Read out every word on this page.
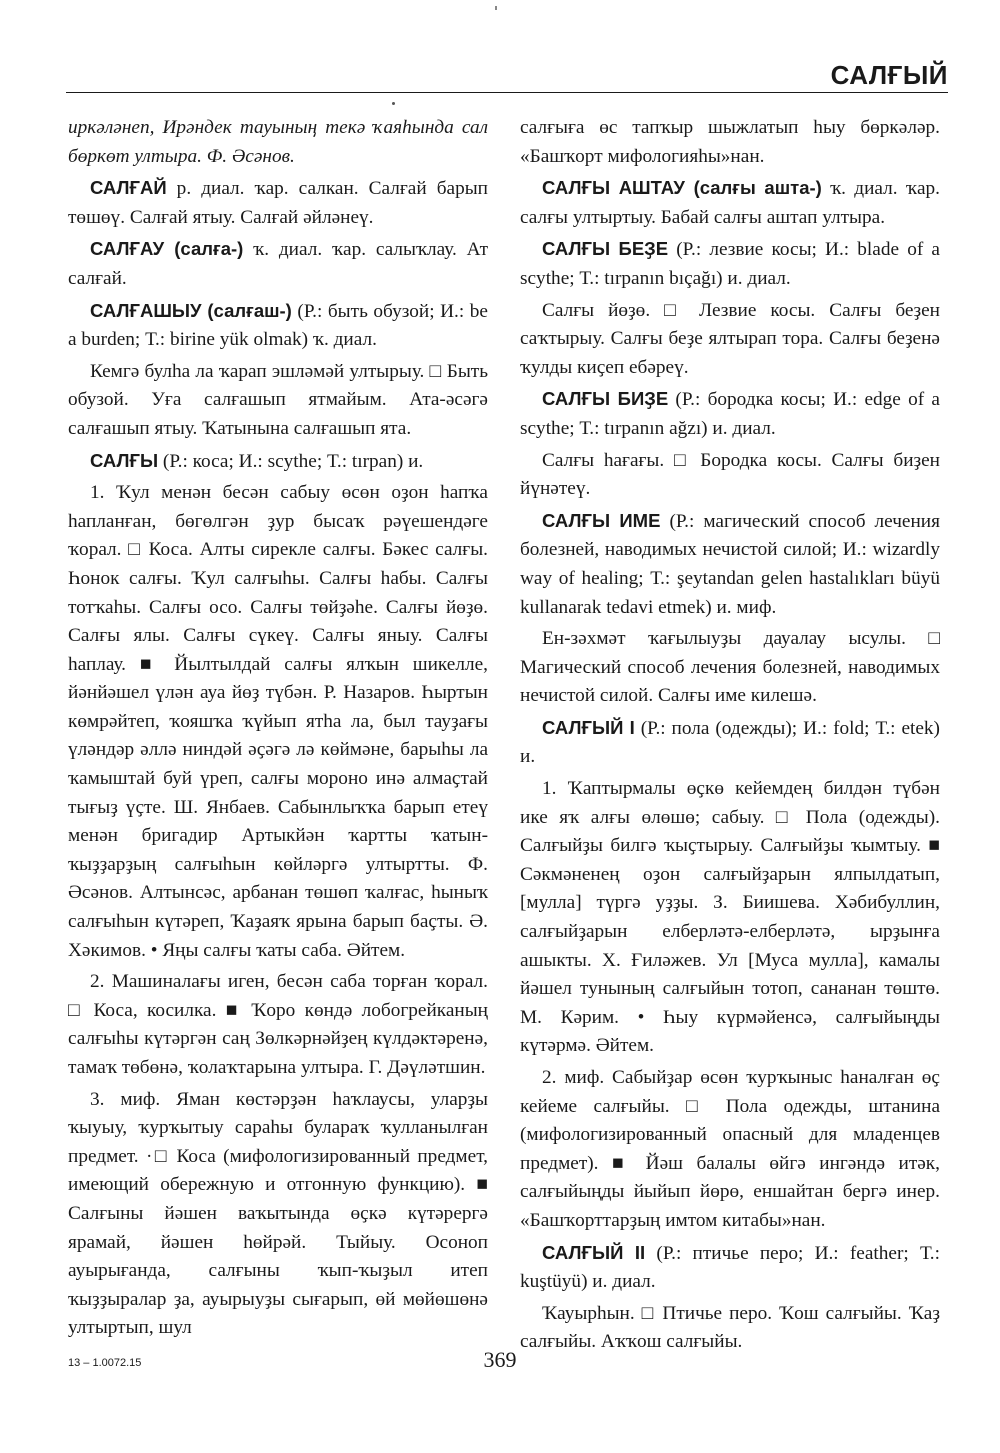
САЛҒЫЙ

иркәләнеп, Ирәндек тауының текә ҡаяһында сал бөркөт ултыра. Ф. Әсәнов.

САЛҒАЙ р. диал. ҡар. салкан. Салғай барып төшөү. Салғай ятыу. Салғай әйләнеү.

САЛҒАУ (салға-) ҡ. диал. ҡар. салыҡлау. Ат салғай.

САЛҒАШЫУ (салғаш-) (Р.: быть обузой; И.: be a burden; Т.: birine yük olmak) ҡ. диал.

Кемгә булһа ла ҡарап эшләмәй ултырыу. □ Быть обузой. Уға салғашып ятмайым. Ата-әсәгә салғашып ятыу. Ҡатынына салғашып ята.

САЛҒЫ (Р.: коса; И.: scythe; Т.: tırpan) и.

1. Ҡул менән бесән сабыу өсөн оҙон һапҡа һапланған, бөгөлгән ҙур бысаҡ рәүешендәге ҡорал. □ Коса. Алты сирекле салғы. Бәкес салғы. Һонок салғы. Ҡул салғыһы. Салғы һабы. Салғы тотҡаһы. Салғы осо. Салғы төйҙәһе. Салғы йөҙө. Салғы ялы. Салғы сүкеү. Салғы яныу. Салғы һаплау. ■ Йылтылдай салғы ялҡын шикелле, йәнйәшел үлән ауа йөҙ түбән. Р. Назаров. Һыртын көмрәйтеп, ҡояшҡа ҡүйып ятһа ла, был тауҙағы үләндәр әллә ниндәй әҫәгә лә көймәне, барыһы ла ҡамыштай буй үреп, салғы мороно инә алмаҫтай тығыҙ үҫте. Ш. Янбаев. Сабынлыҡҡа барып етеү менән бригадир Артыкйән ҡартты ҡатын-ҡыҙҙарҙың салғыһын көйләргә ултыртты. Ф. Әсәнов. Алтынсәс, арбанан төшөп ҡалғас, һыныҡ салғыһын күтәреп, Ҡаҙаяҡ ярына барып баҫты. Ә. Хәкимов. • Яңы салғы ҡаты саба. Әйтем.

2. Машиналағы иген, бесән саба торған ҡорал. □ Коса, косилка. ■ Ҡоро көндә лобогрейканың салғыһы күтәргән саң Зөлкәрнәйҙең күлдәктәренә, тамаҡ төбөнә, ҡолаҡтарына ултыра. Г. Дәүләтшин.

3. миф. Яман көстәрҙән һаҡлаусы, уларҙы ҡыуыу, ҡурҡытыу сараһы булараҡ ҡулланылған предмет. ·□ Коса (мифологизированный предмет, имеющий обережную и отгонную функцию). ■ Салғыны йәшен ваҡытында өҫкә күтәрергә ярамай, йәшен һөйрәй. Тыйыу. Осоноп ауырығанда, салғыны ҡып-ҡыҙыл итеп ҡыҙҙыралар ҙа, ауырыуҙы сығарып, өй мөйөшөнә ултыртып, шул

салғыға өс тапҡыр шыжлатып һыу бөркәләр. «Башҡорт мифологияһы»нан.

САЛҒЫ АШТАУ (салғы ашта-) ҡ. диал. ҡар. салғы ултыртыу. Бабай салғы аштап ултыра.

САЛҒЫ БЕҘЕ (Р.: лезвие косы; И.: blade of a scythe; Т.: tırpanın bıçağı) и. диал.

Салғы йөҙө. □ Лезвие косы. Салғы беҙен саҡтырыу. Салғы беҙе ялтырап тора. Салғы беҙенә ҡулды киҫеп ебәреү.

САЛҒЫ БИҘЕ (Р.: бородка косы; И.: edge of a scythe; Т.: tırpanın ağzı) и. диал.

Салғы һағағы. □ Бородка косы. Салғы биҙен йүнәтеү.

САЛҒЫ ИМЕ (Р.: магический способ лечения болезней, наводимых нечистой силой; И.: wizardly way of healing; Т.: şeytandan gelen hastalıkları büyü kullanarak tedavi etmek) и. миф.

Ен-зәхмәт ҡағылыуҙы дауалау ысулы. □ Магический способ лечения болезней, наводимых нечистой силой. Салғы име килешә.

САЛҒЫЙ I (Р.: пола (одежды); И.: fold; Т.: etek) и.

1. Ҡаптырмалы өҫкө кейемдең билдән түбән ике яҡ алғы өлөшө; сабыу. □ Пола (одежды). Салғыйҙы билгә ҡыҫтырыу. Салғыйҙы ҡымтыу. ■ Сәкмәненең оҙон салғыйҙарын ялпылдатып, [мулла] түргә уҙҙы. З. Биишева. Хәбибуллин, салғыйҙарын елберләтә-елберләтә, ырҙынға ашыкты. Х. Ғиләжев. Ул [Муса мулла], камалы йәшел тунының салғыйын тотоп, сананан төштө. М. Кәрим. • Һыу күрмәйенсә, салғыйыңды күтәрмә. Әйтем.

2. миф. Сабыйҙар өсөн ҡурҡыныс һаналған өҫ кейеме салғыйы. □ Пола одежды, штанина (мифологизированный опасный для младенцев предмет). ■ Йәш балалы өйгә ингәндә итәк, салғыйыңды йыйып йөрө, еншайтан бергә инер. «Башҡорттарҙың имтом китабы»нан.

САЛҒЫЙ II (Р.: птичье перо; И.: feather; Т.: kuştüyü) и. диал.

Ҡауырһын. □ Птичье перо. Ҡош салғыйы. Ҡаҙ салғыйы. Аҡҡош салғыйы.

13 – 1.0072.15	369
